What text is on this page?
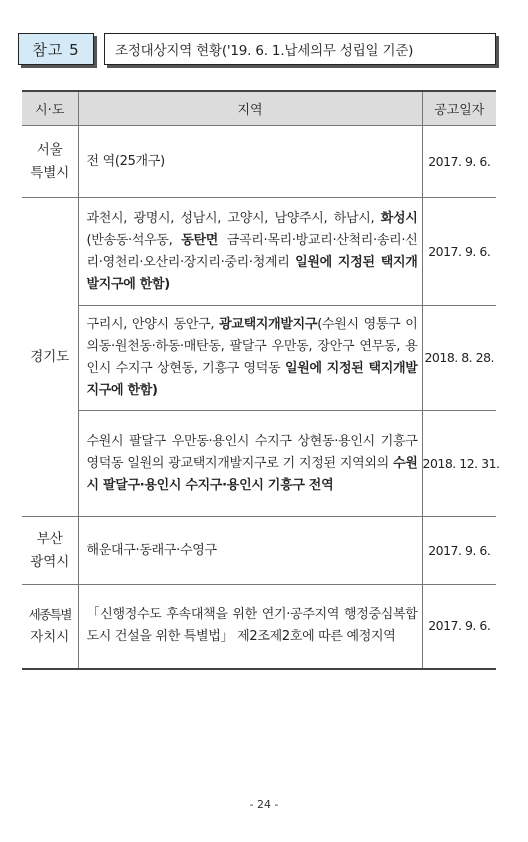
참고 5	조정대상지역 현황('19. 6. 1.납세의무 성립일 기준)
시·도	지역	공고일자

서울
특별시	전 역(25개구)	2017. 9. 6.
경기도	과천시, 광명시, 성남시, 고양시, 남양주시, 하남시, 화성시(반송동·석우동, 동탄면 금곡리·목리·방교리·산척리·송리·신리·영천리·오산리·장지리·중리·청계리 일원에 지정된 택지개발지구에 한함)	2017. 9. 6.
	구리시, 안양시 동안구, 광교택지개발지구(수원시 영통구 이의동·원천동·하동·매탄동, 팔달구 우만동, 장안구 연무동, 용인시 수지구 상현동, 기흥구 영덕동 일원에 지정된 택지개발지구에 한함)	2018. 8. 28.
	수원시 팔달구 우만동·용인시 수지구 상현동·용인시 기흥구 영덕동 일원의 광교택지개발지구로 기 지정된 지역외의 수원시 팔달구·용인시 수지구·용인시 기흥구 전역	2018. 12. 31.

부산
광역시	해운대구·동래구·수영구	2017. 9. 6.

세종특별
자치시	「신행정수도 후속대책을 위한 연기·공주지역 행정중심복합도시 건설을 위한 특별법」 제2조제2호에 따른 예정지역	2017. 9. 6.
- 24 -
